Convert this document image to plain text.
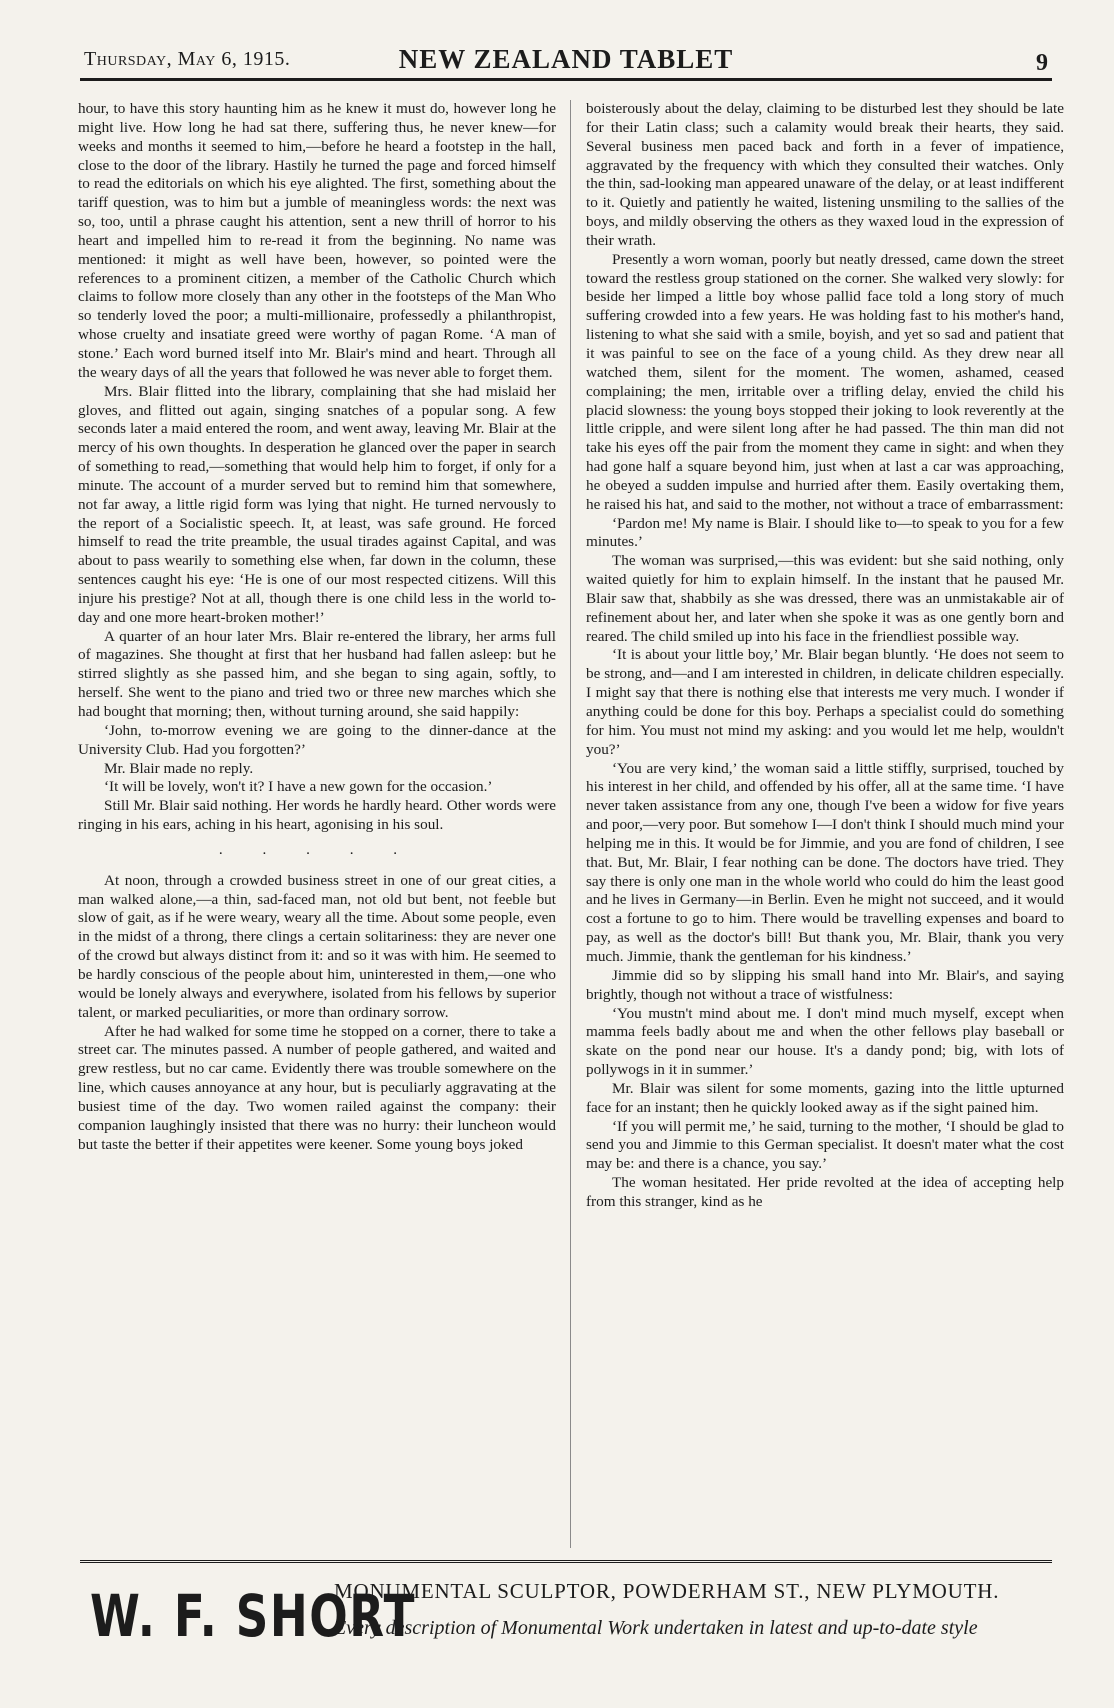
Thursday, May 6, 1915.	NEW ZEALAND TABLET	9

hour, to have this story haunting him as he knew it must do, however long he might live. How long he had sat there, suffering thus, he never knew—for weeks and months it seemed to him,—before he heard a footstep in the hall, close to the door of the library. Hastily he turned the page and forced himself to read the editorials on which his eye alighted. The first, something about the tariff question, was to him but a jumble of meaningless words: the next was so, too, until a phrase caught his attention, sent a new thrill of horror to his heart and impelled him to re-read it from the beginning. No name was mentioned: it might as well have been, however, so pointed were the references to a prominent citizen, a member of the Catholic Church which claims to follow more closely than any other in the footsteps of the Man Who so tenderly loved the poor; a multi-millionaire, professedly a philanthropist, whose cruelty and insatiate greed were worthy of pagan Rome. ‘A man of stone.’ Each word burned itself into Mr. Blair's mind and heart. Through all the weary days of all the years that followed he was never able to forget them.

Mrs. Blair flitted into the library, complaining that she had mislaid her gloves, and flitted out again, singing snatches of a popular song. A few seconds later a maid entered the room, and went away, leaving Mr. Blair at the mercy of his own thoughts. In desperation he glanced over the paper in search of something to read,—something that would help him to forget, if only for a minute. The account of a murder served but to remind him that somewhere, not far away, a little rigid form was lying that night. He turned nervously to the report of a Socialistic speech. It, at least, was safe ground. He forced himself to read the trite preamble, the usual tirades against Capital, and was about to pass wearily to something else when, far down in the column, these sentences caught his eye: ‘He is one of our most respected citizens. Will this injure his prestige? Not at all, though there is one child less in the world to-day and one more heart-broken mother!’

A quarter of an hour later Mrs. Blair re-entered the library, her arms full of magazines. She thought at first that her husband had fallen asleep: but he stirred slightly as she passed him, and she began to sing again, softly, to herself. She went to the piano and tried two or three new marches which she had bought that morning; then, without turning around, she said happily:

‘John, to-morrow evening we are going to the dinner-dance at the University Club. Had you forgotten?’

Mr. Blair made no reply.

‘It will be lovely, won't it? I have a new gown for the occasion.’

Still Mr. Blair said nothing. Her words he hardly heard. Other words were ringing in his ears, aching in his heart, agonising in his soul.

. . . . .

At noon, through a crowded business street in one of our great cities, a man walked alone,—a thin, sad-faced man, not old but bent, not feeble but slow of gait, as if he were weary, weary all the time. About some people, even in the midst of a throng, there clings a certain solitariness: they are never one of the crowd but always distinct from it: and so it was with him. He seemed to be hardly conscious of the people about him, uninterested in them,—one who would be lonely always and everywhere, isolated from his fellows by superior talent, or marked peculiarities, or more than ordinary sorrow.

After he had walked for some time he stopped on a corner, there to take a street car. The minutes passed. A number of people gathered, and waited and grew restless, but no car came. Evidently there was trouble somewhere on the line, which causes annoyance at any hour, but is peculiarly aggravating at the busiest time of the day. Two women railed against the company: their companion laughingly insisted that there was no hurry: their luncheon would but taste the better if their appetites were keener. Some young boys joked

boisterously about the delay, claiming to be disturbed lest they should be late for their Latin class; such a calamity would break their hearts, they said. Several business men paced back and forth in a fever of impatience, aggravated by the frequency with which they consulted their watches. Only the thin, sad-looking man appeared unaware of the delay, or at least indifferent to it. Quietly and patiently he waited, listening unsmiling to the sallies of the boys, and mildly observing the others as they waxed loud in the expression of their wrath.

Presently a worn woman, poorly but neatly dressed, came down the street toward the restless group stationed on the corner. She walked very slowly: for beside her limped a little boy whose pallid face told a long story of much suffering crowded into a few years. He was holding fast to his mother's hand, listening to what she said with a smile, boyish, and yet so sad and patient that it was painful to see on the face of a young child. As they drew near all watched them, silent for the moment. The women, ashamed, ceased complaining; the men, irritable over a trifling delay, envied the child his placid slowness: the young boys stopped their joking to look reverently at the little cripple, and were silent long after he had passed. The thin man did not take his eyes off the pair from the moment they came in sight: and when they had gone half a square beyond him, just when at last a car was approaching, he obeyed a sudden impulse and hurried after them. Easily overtaking them, he raised his hat, and said to the mother, not without a trace of embarrassment:

‘Pardon me! My name is Blair. I should like to—to speak to you for a few minutes.’

The woman was surprised,—this was evident: but she said nothing, only waited quietly for him to explain himself. In the instant that he paused Mr. Blair saw that, shabbily as she was dressed, there was an unmistakable air of refinement about her, and later when she spoke it was as one gently born and reared. The child smiled up into his face in the friendliest possible way.

‘It is about your little boy,’ Mr. Blair began bluntly. ‘He does not seem to be strong, and—and I am interested in children, in delicate children especially. I might say that there is nothing else that interests me very much. I wonder if anything could be done for this boy. Perhaps a specialist could do something for him. You must not mind my asking: and you would let me help, wouldn't you?’

‘You are very kind,’ the woman said a little stiffly, surprised, touched by his interest in her child, and offended by his offer, all at the same time. ‘I have never taken assistance from any one, though I've been a widow for five years and poor,—very poor. But somehow I—I don't think I should much mind your helping me in this. It would be for Jimmie, and you are fond of children, I see that. But, Mr. Blair, I fear nothing can be done. The doctors have tried. They say there is only one man in the whole world who could do him the least good and he lives in Germany—in Berlin. Even he might not succeed, and it would cost a fortune to go to him. There would be travelling expenses and board to pay, as well as the doctor's bill! But thank you, Mr. Blair, thank you very much. Jimmie, thank the gentleman for his kindness.’

Jimmie did so by slipping his small hand into Mr. Blair's, and saying brightly, though not without a trace of wistfulness:

‘You mustn't mind about me. I don't mind much myself, except when mamma feels badly about me and when the other fellows play baseball or skate on the pond near our house. It's a dandy pond; big, with lots of pollywogs in it in summer.’

Mr. Blair was silent for some moments, gazing into the little upturned face for an instant; then he quickly looked away as if the sight pained him.

‘If you will permit me,’ he said, turning to the mother, ‘I should be glad to send you and Jimmie to this German specialist. It doesn't mater what the cost may be: and there is a chance, you say.’

The woman hesitated. Her pride revolted at the idea of accepting help from this stranger, kind as he

W. F. SHORT
MONUMENTAL SCULPTOR, POWDERHAM ST., NEW PLYMOUTH.
Every description of Monumental Work undertaken in latest and up-to-date style
